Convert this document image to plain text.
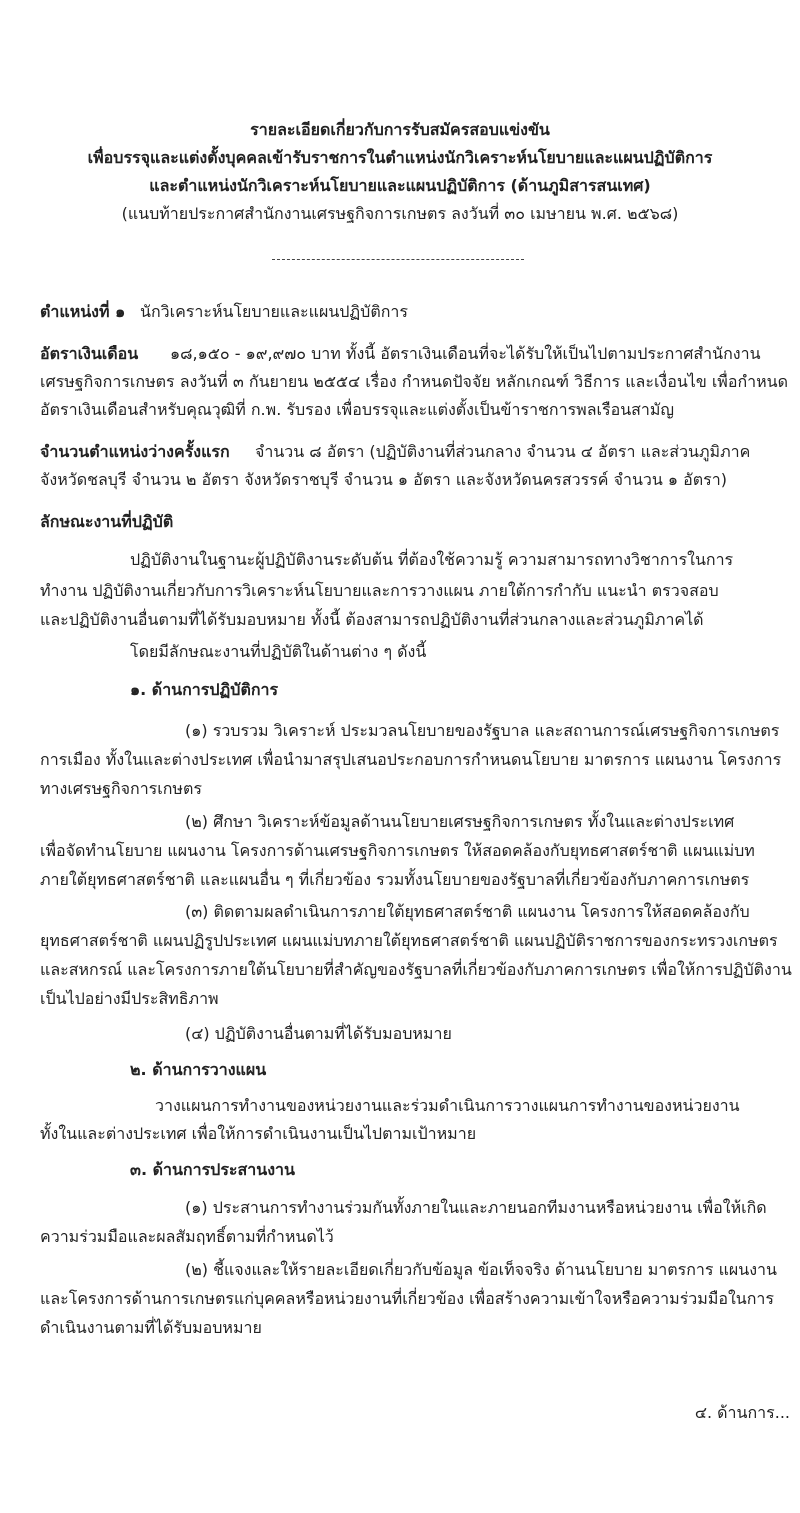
รายละเอียดเกี่ยวกับการรับสมัครสอบแข่งขัน
เพื่อบรรจุและแต่งตั้งบุคคลเข้ารับราชการในตำแหน่งนักวิเคราะห์นโยบายและแผนปฏิบัติการ
และตำแหน่งนักวิเคราะห์นโยบายและแผนปฏิบัติการ (ด้านภูมิสารสนเทศ)
(แนบท้ายประกาศสำนักงานเศรษฐกิจการเกษตร ลงวันที่ ๓๐ เมษายน พ.ศ. ๒๕๖๘)
ตำแหน่งที่ ๑ นักวิเคราะห์นโยบายและแผนปฏิบัติการ
อัตราเงินเดือน ๑๘,๑๕๐ - ๑๙,๙๗๐ บาท ทั้งนี้ อัตราเงินเดือนที่จะได้รับให้เป็นไปตามประกาศสำนักงาน
เศรษฐกิจการเกษตร ลงวันที่ ๓ กันยายน ๒๕๕๔ เรื่อง กำหนดปัจจัย หลักเกณฑ์ วิธีการ และเงื่อนไข เพื่อกำหนด
อัตราเงินเดือนสำหรับคุณวุฒิที่ ก.พ. รับรอง เพื่อบรรจุและแต่งตั้งเป็นข้าราชการพลเรือนสามัญ
จำนวนตำแหน่งว่างครั้งแรก จำนวน ๘ อัตรา (ปฏิบัติงานที่ส่วนกลาง จำนวน ๔ อัตรา และส่วนภูมิภาค
จังหวัดชลบุรี จำนวน ๒ อัตรา จังหวัดราชบุรี จำนวน ๑ อัตรา และจังหวัดนครสวรรค์ จำนวน ๑ อัตรา)
ลักษณะงานที่ปฏิบัติ
ปฏิบัติงานในฐานะผู้ปฏิบัติงานระดับต้น ที่ต้องใช้ความรู้ ความสามารถทางวิชาการในการ
ทำงาน ปฏิบัติงานเกี่ยวกับการวิเคราะห์นโยบายและการวางแผน ภายใต้การกำกับ แนะนำ ตรวจสอบ
และปฏิบัติงานอื่นตามที่ได้รับมอบหมาย ทั้งนี้ ต้องสามารถปฏิบัติงานที่ส่วนกลางและส่วนภูมิภาคได้
โดยมีลักษณะงานที่ปฏิบัติในด้านต่าง ๆ ดังนี้
๑. ด้านการปฏิบัติการ
(๑) รวบรวม วิเคราะห์ ประมวลนโยบายของรัฐบาล และสถานการณ์เศรษฐกิจการเกษตร
การเมือง ทั้งในและต่างประเทศ เพื่อนำมาสรุปเสนอประกอบการกำหนดนโยบาย มาตรการ แผนงาน โครงการ
ทางเศรษฐกิจการเกษตร
(๒) ศึกษา วิเคราะห์ข้อมูลด้านนโยบายเศรษฐกิจการเกษตร ทั้งในและต่างประเทศ
เพื่อจัดทำนโยบาย แผนงาน โครงการด้านเศรษฐกิจการเกษตร ให้สอดคล้องกับยุทธศาสตร์ชาติ แผนแม่บท
ภายใต้ยุทธศาสตร์ชาติ และแผนอื่น ๆ ที่เกี่ยวข้อง รวมทั้งนโยบายของรัฐบาลที่เกี่ยวข้องกับภาคการเกษตร
(๓) ติดตามผลดำเนินการภายใต้ยุทธศาสตร์ชาติ แผนงาน โครงการให้สอดคล้องกับ
ยุทธศาสตร์ชาติ แผนปฏิรูปประเทศ แผนแม่บทภายใต้ยุทธศาสตร์ชาติ แผนปฏิบัติราชการของกระทรวงเกษตร
และสหกรณ์ และโครงการภายใต้นโยบายที่สำคัญของรัฐบาลที่เกี่ยวข้องกับภาคการเกษตร เพื่อให้การปฏิบัติงาน
เป็นไปอย่างมีประสิทธิภาพ
(๔) ปฏิบัติงานอื่นตามที่ได้รับมอบหมาย
๒. ด้านการวางแผน
วางแผนการทำงานของหน่วยงานและร่วมดำเนินการวางแผนการทำงานของหน่วยงาน
ทั้งในและต่างประเทศ เพื่อให้การดำเนินงานเป็นไปตามเป้าหมาย
๓. ด้านการประสานงาน
(๑) ประสานการทำงานร่วมกันทั้งภายในและภายนอกทีมงานหรือหน่วยงาน เพื่อให้เกิด
ความร่วมมือและผลสัมฤทธิ์ตามที่กำหนดไว้
(๒) ชี้แจงและให้รายละเอียดเกี่ยวกับข้อมูล ข้อเท็จจริง ด้านนโยบาย มาตรการ แผนงาน
และโครงการด้านการเกษตรแก่บุคคลหรือหน่วยงานที่เกี่ยวข้อง เพื่อสร้างความเข้าใจหรือความร่วมมือในการ
ดำเนินงานตามที่ได้รับมอบหมาย
๔. ด้านการ...
